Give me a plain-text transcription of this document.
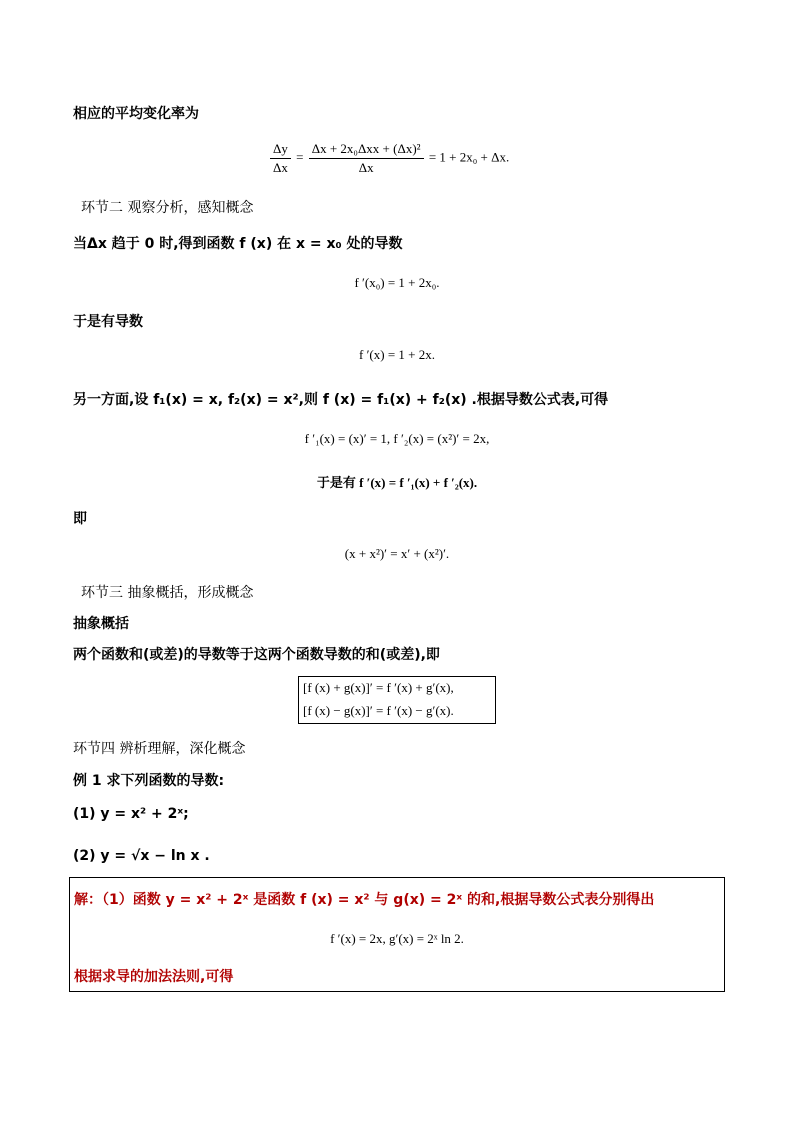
相应的平均变化率为
$\frac{\Delta y}{\Delta x} = \frac{\text{Δx + 2x₀Δxx + (Δx)²}}{\Delta x} = 1 + 2x_0 + \Delta x$.
环节二 观察分析，感知概念
当Δx 趋于 0 时,得到函数 f (x) 在 x = x₀ 处的导数
f ′(x₀) = 1 + 2x₀.
于是有导数
f ′(x) = 1 + 2x.
另一方面,设 f₁(x) = x, f₂(x) = x²,则 f (x) = f₁(x) + f₂(x) .根据导数公式表,可得
f ′₁(x) = (x)′ = 1, f ′₂(x) = (x²)′ = 2x,
于是有 f ′(x) = f ′₁(x) + f ′₂(x).
即
(x + x²)′ = x′ + (x²)′.
环节三 抽象概括，形成概念
抽象概括
两个函数和(或差)的导数等于这两个函数导数的和(或差),即
[f (x) + g(x)]′ = f ′(x) + g′(x),
[f (x) − g(x)]′ = f ′(x) − g′(x).
环节四 辨析理解，深化概念
例 1 求下列函数的导数:
(1) y = x² + 2ˣ;
(2) y = √x − ln x .
解：（1）函数 y = x² + 2ˣ 是函数 f (x) = x² 与 g(x) = 2ˣ 的和,根据导数公式表分别得出
f ′(x) = 2x, g′(x) = 2ˣ ln 2.
根据求导的加法法则,可得
